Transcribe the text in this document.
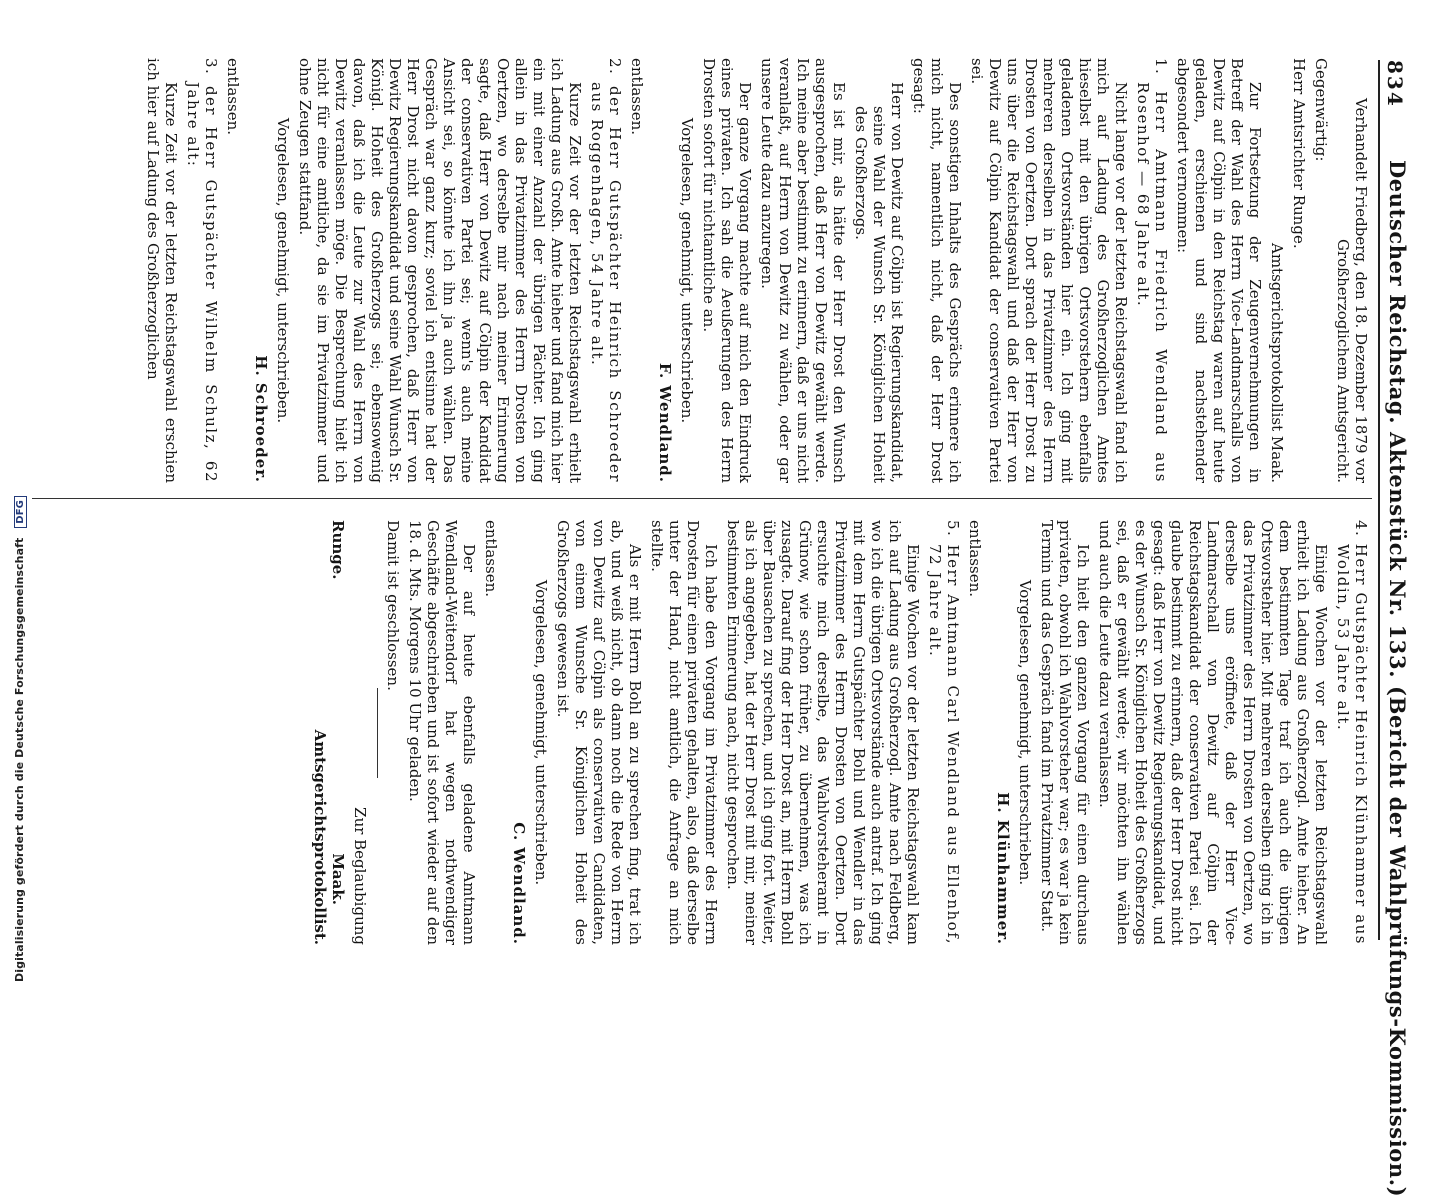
Digitalisierung gefördert durch die Deutsche Forschungsgemeinschaft DFG
834
Deutscher Reichstag. Aktenstück Nr. 133. (Bericht der Wahlprüfungs-Kommission.)

Verhandelt Friedberg, den 18. Dezember 1879 vor Großherzoglichem Amtsgericht.

Gegenwärtig:

Herr Amtsrichter Runge.

Amtsgerichtsprotokollist Maak.

Zur Fortsetzung der Zeugenvernehmungen in Betreff der Wahl des Herrn Vice-Landmarschalls von Dewitz auf Cölpin in den Reichstag waren auf heute geladen, erschienen und sind nachstehender abgesondert vernommen:

1. Herr Amtmann Friedrich Wendland aus Rosenhof — 68 Jahre alt.

Nicht lange vor der letzten Reichstagswahl fand ich mich auf Ladung des Großherzoglichen Amtes hieselbst mit den übrigen Ortsvorstehern ebenfalls geladenen Ortsvorständen hier ein. Ich ging mit mehreren derselben in das Privatzimmer des Herrn Drosten von Oertzen. Dort sprach der Herr Drost zu uns über die Reichstagswahl und daß der Herr von Dewitz auf Cölpin Kandidat der conservativen Partei sei.

Des sonstigen Inhalts des Gesprächs erinnere ich mich nicht, namentlich nicht, daß der Herr Drost gesagt:

Herr von Dewitz auf Cölpin ist Regierungskandidat, seine Wahl der Wunsch Sr. Königlichen Hoheit des Großherzogs.

Es ist mir, als hätte der Herr Drost den Wunsch ausgesprochen, daß Herr von Dewitz gewählt werde. Ich meine aber bestimmt zu erinnern, daß er uns nicht veranlaßt, auf Herrn von Dewitz zu wählen, oder gar unsere Leute dazu anzuregen.

Der ganze Vorgang machte auf mich den Eindruck eines privaten. Ich sah die Aeußerungen des Herrn Drosten sofort für nichtamtliche an.

Vorgelesen, genehmigt, unterschrieben.

F. Wendland.

entlassen.

2. der Herr Gutspächter Heinrich Schroeder aus Roggenhagen, 54 Jahre alt.

Kurze Zeit vor der letzten Reichstagswahl erhielt ich Ladung aus Großh. Amte hieher und fand mich hier ein mit einer Anzahl der übrigen Pächter. Ich ging allein in das Privatzimmer des Herrn Drosten von Oertzen, wo derselbe mir nach meiner Erinnerung sagte, daß Herr von Dewitz auf Cölpin der Kandidat der conservativen Partei sei; wenn's auch meine Ansicht sei, so könnte ich ihn ja auch wählen. Das Gespräch war ganz kurz; soviel ich entsinne hat der Herr Drost nicht davon gesprochen, daß Herr von Dewitz Regierungskandidat und seine Wahl Wunsch Sr. Königl. Hoheit des Großherzogs sei; ebensowenig davon, daß ich die Leute zur Wahl des Herrn von Dewitz veranlassen möge. Die Besprechung hielt ich nicht für eine amtliche, da sie im Privatzimmer und ohne Zeugen stattfand.

Vorgelesen, genehmigt, unterschrieben.

H. Schroeder.

entlassen.

3. der Herr Gutspächter Wilhelm Schulz, 62 Jahre alt:

Kurze Zeit vor der letzten Reichstagswahl erschien ich hier auf Ladung des Großherzoglichen

4. Herr Gutspächter Heinrich Klünhammer aus Woldin, 53 Jahre alt.

Einige Wochen vor der letzten Reichstagswahl erhielt ich Ladung aus Großherzogl. Amte hieher. An dem bestimmten Tage traf ich auch die übrigen Ortsvorsteher hier. Mit mehreren derselben ging ich in das Privatzimmer des Herrn Drosten von Oertzen, wo derselbe uns eröffnete, daß der Herr Vice-Landmarschall von Dewitz auf Cölpin der Reichstagskandidat der conservativen Partei sei. Ich glaube bestimmt zu erinnern, daß der Herr Drost nicht gesagt: daß Herr von Dewitz Regierungskandidat, und es der Wunsch Sr. Königlichen Hoheit des Großherzogs sei, daß er gewählt werde; wir möchten ihn wählen und auch die Leute dazu veranlassen.

Ich hielt den ganzen Vorgang für einen durchaus privaten, obwohl ich Wahlvorsteher war; es war ja kein Termin und das Gespräch fand im Privatzimmer Statt.

Vorgelesen, genehmigt, unterschrieben.

H. Klünhammer.

entlassen.

5. Herr Amtmann Carl Wendland aus Ellenhof, 72 Jahre alt.

Einige Wochen vor der letzten Reichstagswahl kam ich auf Ladung aus Großherzogl. Amte nach Feldberg, wo ich die übrigen Ortsvorstände auch antraf. Ich ging mit dem Herrn Gutspächter Bohl und Wendler in das Privatzimmer des Herrn Drosten von Oertzen. Dort ersuchte mich derselbe, das Wahlvorsteheramt in Grünow, wie schon früher, zu übernehmen, was ich zusagte. Darauf fing der Herr Drost an, mit Herrn Bohl über Bausachen zu sprechen, und ich ging fort. Weiter, als ich angegeben, hat der Herr Drost mit mir, meiner bestimmten Erinnerung nach, nicht gesprochen.

Ich habe den Vorgang im Privatzimmer des Herrn Drosten für einen privaten gehalten, also, daß derselbe unter der Hand, nicht amtlich, die Anfrage an mich stellte.

Als er mit Herrn Bohl an zu sprechen fing, trat ich ab, und weiß nicht, ob dann noch die Rede von Herrn von Dewitz auf Cölpin als conservativen Candidaten, von einem Wunsche Sr. Königlichen Hoheit des Großherzogs gewesen ist.

Vorgelesen, genehmigt, unterschrieben.

C. Wendland.

entlassen.

Der auf heute ebenfalls geladene Amtmann Wendland-Weitendorf hat wegen nothwendiger Geschäfte abgeschrieben und ist sofort wieder auf den 18. d. Mts. Morgens 10 Uhr geladen.

Damit ist geschlossen.

Zur Beglaubigung

Runge.
Maak.
Amtsgerichtsprotokollist.
